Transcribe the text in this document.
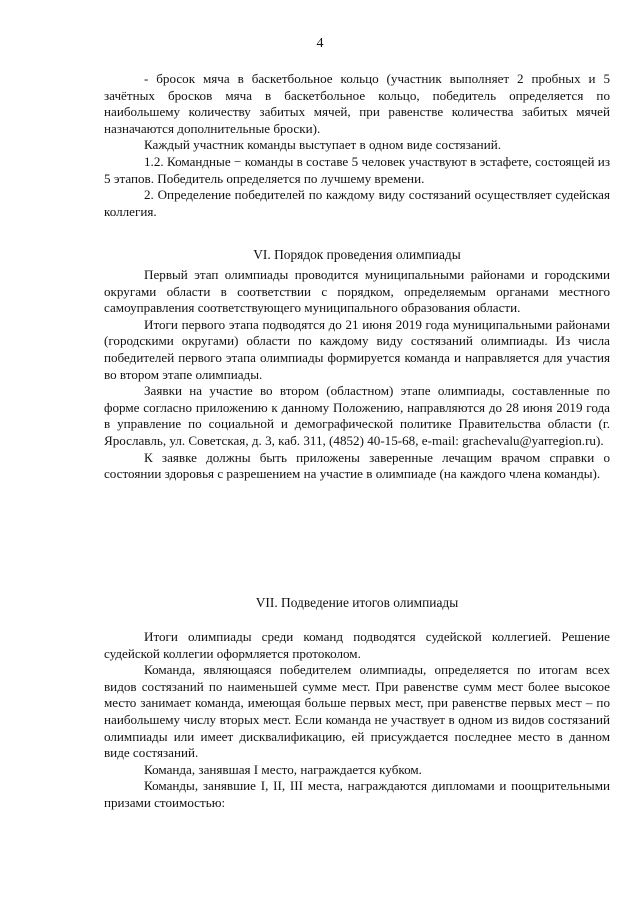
4

- бросок мяча в баскетбольное кольцо (участник выполняет 2 пробных и 5 зачётных бросков мяча в баскетбольное кольцо, победитель определяется по наибольшему количеству забитых мячей, при равенстве количества забитых мячей назначаются дополнительные броски).

Каждый участник команды выступает в одном виде состязаний.

1.2. Командные − команды в составе 5 человек участвуют в эстафете, состоящей из 5 этапов. Победитель определяется по лучшему времени.

2. Определение победителей по каждому виду состязаний осуществляет судейская коллегия.

VI. Порядок проведения олимпиады

Первый этап олимпиады проводится муниципальными районами и городскими округами области в соответствии с порядком, определяемым органами местного самоуправления соответствующего муниципального образования области.

Итоги первого этапа подводятся до 21 июня 2019 года муниципальными районами (городскими округами) области по каждому виду состязаний олимпиады. Из числа победителей первого этапа олимпиады формируется команда и направляется для участия во втором этапе олимпиады.

Заявки на участие во втором (областном) этапе олимпиады, составленные по форме согласно приложению к данному Положению, направляются до 28 июня 2019 года в управление по социальной и демографической политике Правительства области (г. Ярославль, ул. Советская, д. 3, каб. 311, (4852) 40-15-68, e-mail: grachevalu@yarregion.ru).

К заявке должны быть приложены заверенные лечащим врачом справки о состоянии здоровья с разрешением на участие в олимпиаде (на каждого члена команды).

VII. Подведение итогов олимпиады

Итоги олимпиады среди команд подводятся судейской коллегией. Решение судейской коллегии оформляется протоколом.

Команда, являющаяся победителем олимпиады, определяется по итогам всех видов состязаний по наименьшей сумме мест. При равенстве сумм мест более высокое место занимает команда, имеющая больше первых мест, при равенстве первых мест – по наибольшему числу вторых мест. Если команда не участвует в одном из видов состязаний олимпиады или имеет дисквалификацию, ей присуждается последнее место в данном виде состязаний.

Команда, занявшая I место, награждается кубком.

Команды, занявшие I, II, III места, награждаются дипломами и поощрительными призами стоимостью:
